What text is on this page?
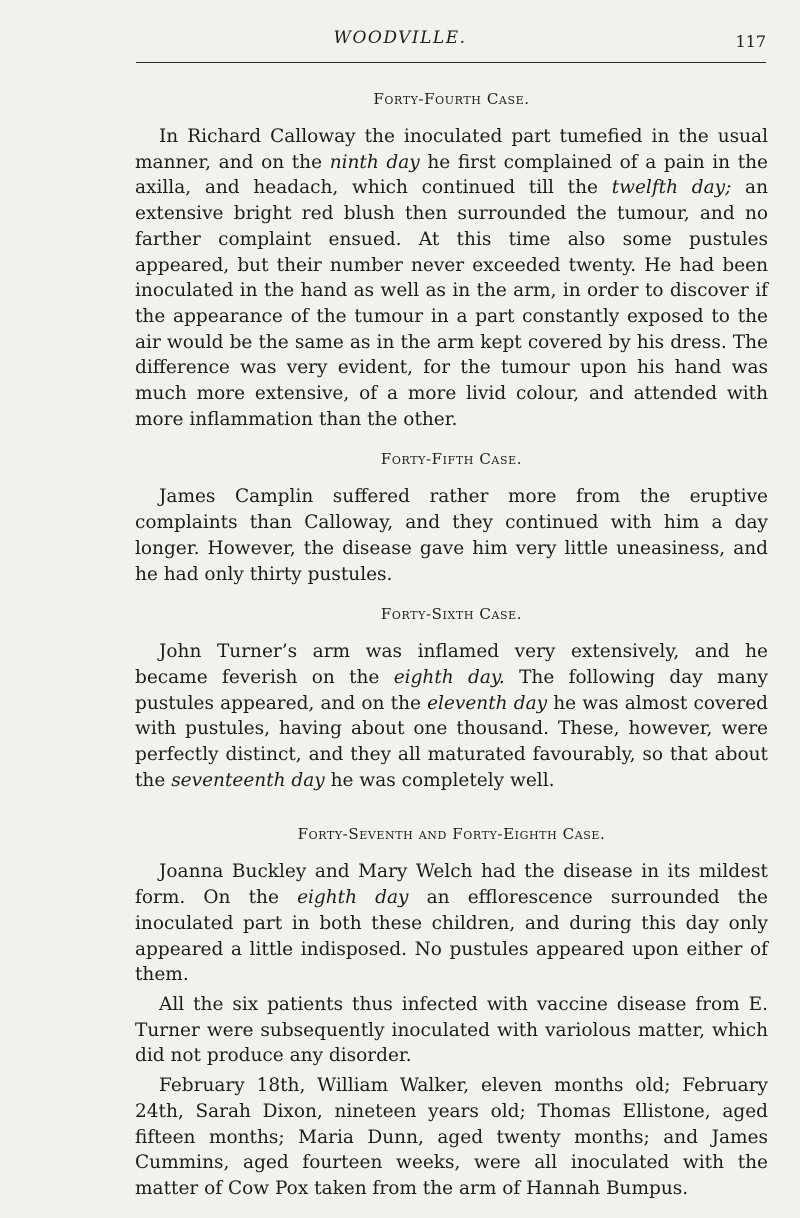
WOODVILLE.	117
Forty-Fourth Case.

In Richard Calloway the inoculated part tumefied in the usual manner, and on the ninth day he first complained of a pain in the axilla, and headach, which continued till the twelfth day; an extensive bright red blush then surrounded the tumour, and no farther complaint ensued. At this time also some pustules appeared, but their number never exceeded twenty. He had been inoculated in the hand as well as in the arm, in order to discover if the appearance of the tumour in a part constantly exposed to the air would be the same as in the arm kept covered by his dress. The difference was very evident, for the tumour upon his hand was much more extensive, of a more livid colour, and attended with more inflammation than the other.

Forty-Fifth Case.

James Camplin suffered rather more from the eruptive complaints than Calloway, and they continued with him a day longer. However, the disease gave him very little uneasiness, and he had only thirty pustules.

Forty-Sixth Case.

John Turner’s arm was inflamed very extensively, and he became feverish on the eighth day. The following day many pustules appeared, and on the eleventh day he was almost covered with pustules, having about one thousand. These, however, were perfectly distinct, and they all maturated favourably, so that about the seventeenth day he was completely well.

Forty-Seventh and Forty-Eighth Case.

Joanna Buckley and Mary Welch had the disease in its mildest form. On the eighth day an efflorescence surrounded the inoculated part in both these children, and during this day only appeared a little indisposed. No pustules appeared upon either of them.

All the six patients thus infected with vaccine disease from E. Turner were subsequently inoculated with variolous matter, which did not produce any disorder.

February 18th, William Walker, eleven months old; February 24th, Sarah Dixon, nineteen years old; Thomas Ellistone, aged fifteen months; Maria Dunn, aged twenty months; and James Cummins, aged fourteen weeks, were all inoculated with the matter of Cow Pox taken from the arm of Hannah Bumpus.
